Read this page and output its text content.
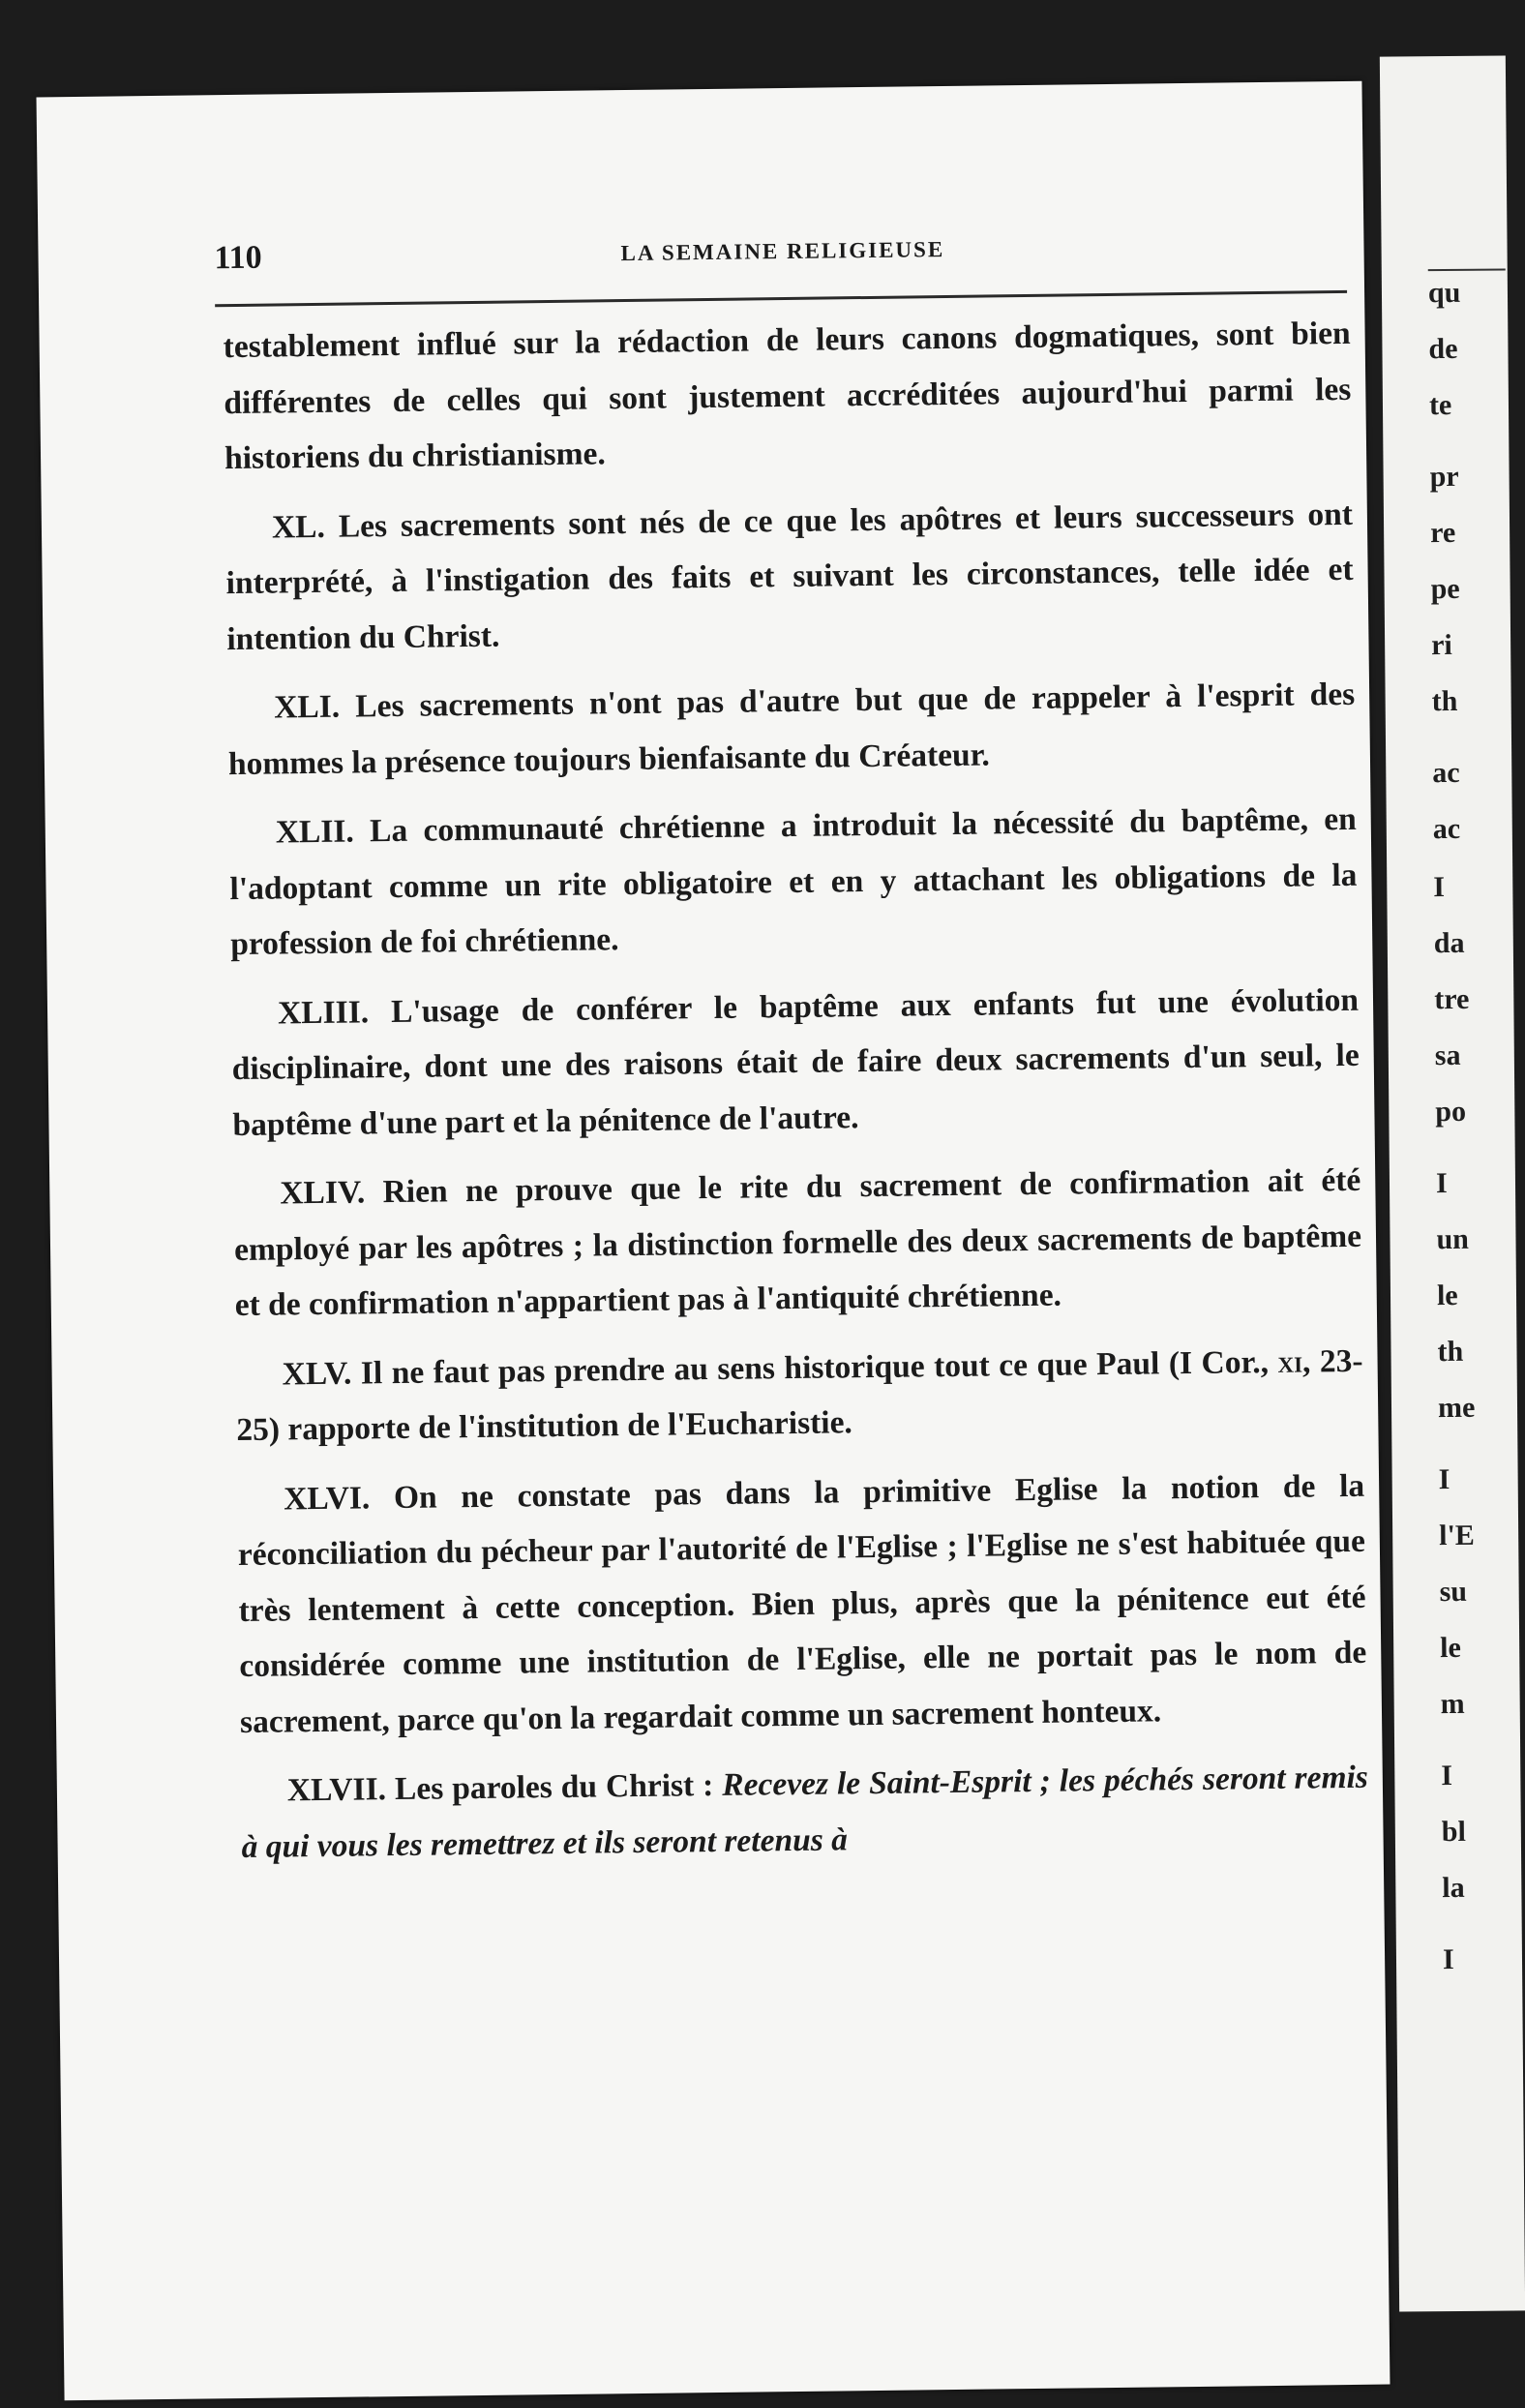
qu
de
te
pr
re
pe
ri
th
ac
ac
I
da
tre
sa
po
I
un
le
th
me
I
l'E
su
le
m
I
bl
la
I
110	LA SEMAINE RELIGIEUSE

testablement influé sur la rédaction de leurs canons dogmatiques, sont bien différentes de celles qui sont justement accréditées aujourd'hui parmi les historiens du christianisme.

XL. Les sacrements sont nés de ce que les apôtres et leurs successeurs ont interprété, à l'instigation des faits et suivant les circonstances, telle idée et intention du Christ.

XLI. Les sacrements n'ont pas d'autre but que de rappeler à l'esprit des hommes la présence toujours bienfaisante du Créateur.

XLII. La communauté chrétienne a introduit la nécessité du baptême, en l'adoptant comme un rite obligatoire et en y attachant les obligations de la profession de foi chrétienne.

XLIII. L'usage de conférer le baptême aux enfants fut une évolution disciplinaire, dont une des raisons était de faire deux sacrements d'un seul, le baptême d'une part et la pénitence de l'autre.

XLIV. Rien ne prouve que le rite du sacrement de confirmation ait été employé par les apôtres ; la distinction formelle des deux sacrements de baptême et de confirmation n'appartient pas à l'antiquité chrétienne.

XLV. Il ne faut pas prendre au sens historique tout ce que Paul (I Cor., xi, 23-25) rapporte de l'institution de l'Eucharistie.

XLVI. On ne constate pas dans la primitive Eglise la notion de la réconciliation du pécheur par l'autorité de l'Eglise ; l'Eglise ne s'est habituée que très lentement à cette conception. Bien plus, après que la pénitence eut été considérée comme une institution de l'Eglise, elle ne portait pas le nom de sacrement, parce qu'on la regardait comme un sacrement honteux.

XLVII. Les paroles du Christ : Recevez le Saint-Esprit ; les péchés seront remis à qui vous les remettrez et ils seront retenus à
